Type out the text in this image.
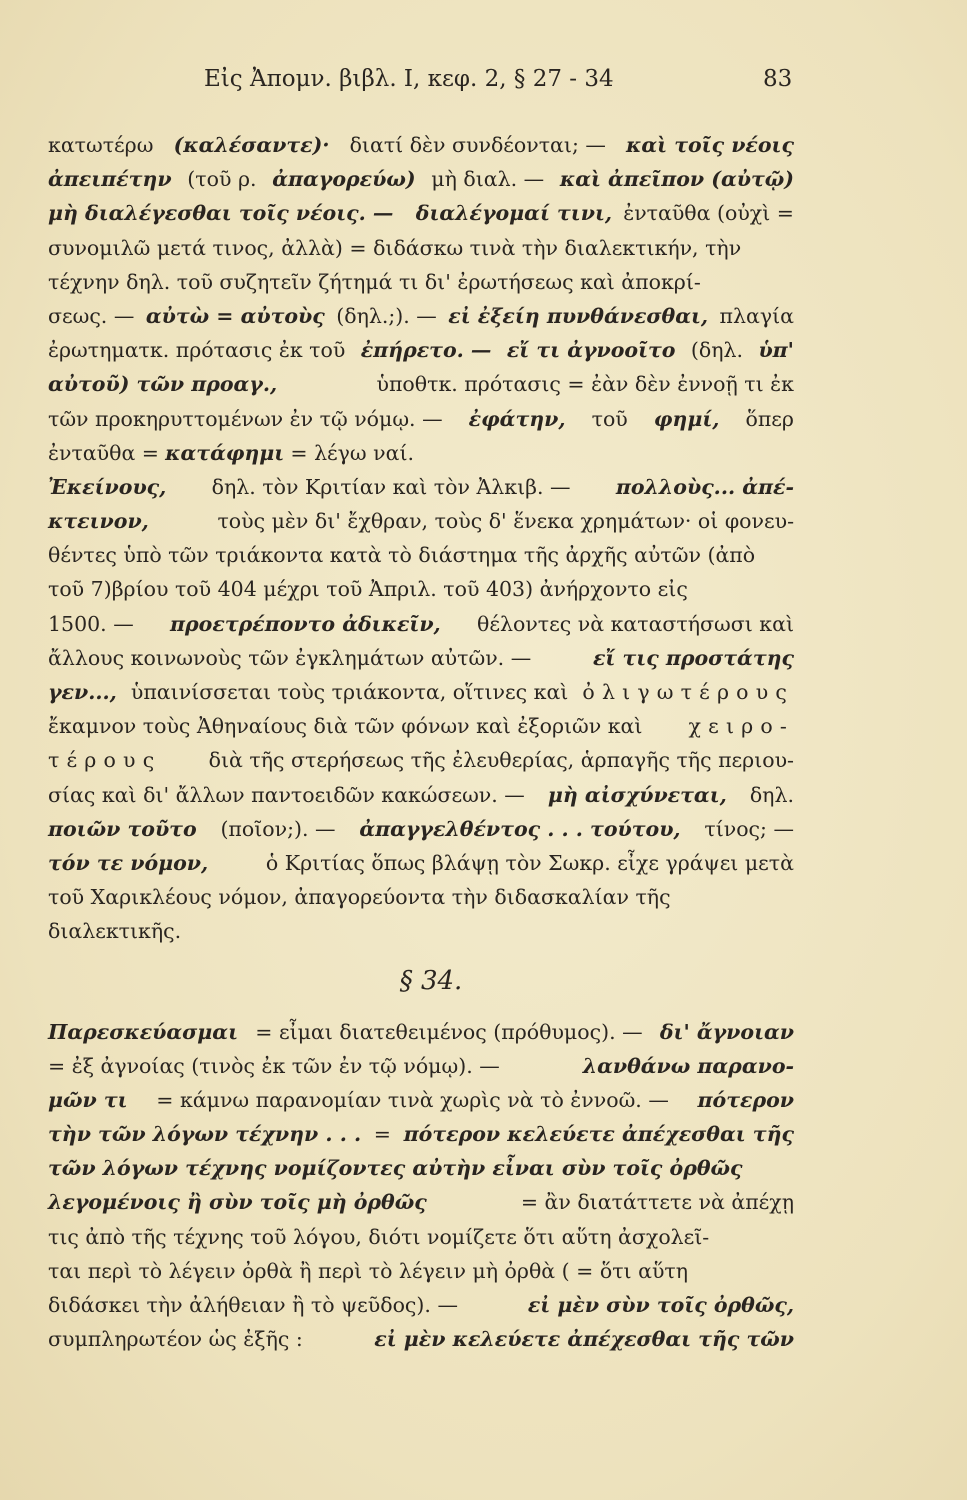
Εἰς Ἀπομν. βιβλ. I, κεφ. 2, § 27 - 34	83
κατωτέρω (καλέσαντε)· διατί δὲν συνδέονται; — καὶ τοῖς νέοις
ἀπειπέτην (τοῦ ρ. ἀπαγορεύω) μὴ διαλ. — καὶ ἀπεῖπον (αὐτῷ)
μὴ διαλέγεσθαι τοῖς νέοις. — διαλέγομαί τινι, ἐνταῦθα (οὐχὶ =
συνομιλῶ μετά τινος, ἀλλὰ) = διδάσκω τινὰ τὴν διαλεκτικήν, τὴν
τέχνην δηλ. τοῦ συζητεῖν ζήτημά τι δι' ἐρωτήσεως καὶ ἀποκρί-
σεως. — αὐτὼ = αὐτοὺς (δηλ.;). — εἰ ἐξείη πυνθάνεσθαι, πλαγία
ἐρωτηματκ. πρότασις ἐκ τοῦ ἐπήρετο. — εἴ τι ἀγνοοῖτο (δηλ. ὑπ'
αὐτοῦ) τῶν προαγ.,	ὑποθτκ. πρότασις = ἐὰν δὲν ἐννοῇ τι ἐκ
τῶν προκηρυττομένων ἐν τῷ νόμῳ. — ἐφάτην, τοῦ φημί, ὅπερ
ἐνταῦθα = κατάφημι = λέγω ναί.
Ἐκείνους, δηλ. τὸν Κριτίαν καὶ τὸν Ἀλκιβ. — πολλοὺς... ἀπέ-
κτεινον,	τοὺς μὲν δι' ἔχθραν, τοὺς δ' ἕνεκα χρημάτων· οἱ φονευ-
θέντες ὑπὸ τῶν τριάκοντα κατὰ τὸ διάστημα τῆς ἀρχῆς αὐτῶν (ἀπὸ
τοῦ 7)βρίου τοῦ 404 μέχρι τοῦ Ἀπριλ. τοῦ 403) ἀνήρχοντο εἰς
1500. — προετρέποντο ἀδικεῖν, θέλοντες νὰ καταστήσωσι καὶ
ἄλλους κοινωνοὺς τῶν ἐγκλημάτων αὐτῶν. —	εἴ τις προστάτης
γεν..., ὑπαινίσσεται τοὺς τριάκοντα, οἵτινες καὶ ὀλιγωτέρους
ἔκαμνον τοὺς Ἀθηναίους διὰ τῶν φόνων καὶ ἐξοριῶν καὶ χειρο-
τέρους διὰ τῆς στερήσεως τῆς ἐλευθερίας, ἁρπαγῆς τῆς περιου-
σίας καὶ δι' ἄλλων παντοειδῶν κακώσεων. — μὴ αἰσχύνεται, δηλ.
ποιῶν τοῦτο (ποῖον;). — ἀπαγγελθέντος . . . τούτου, τίνος; —
τόν τε νόμον,	ὁ Κριτίας ὅπως βλάψῃ τὸν Σωκρ. εἶχε γράψει μετὰ
τοῦ Χαρικλέους νόμον, ἀπαγορεύοντα τὴν διδασκαλίαν τῆς
διαλεκτικῆς.
§ 34.
Παρεσκεύασμαι = εἶμαι διατεθειμένος (πρόθυμος). — δι' ἄγνοιαν
= ἐξ ἀγνοίας (τινὸς ἐκ τῶν ἐν τῷ νόμῳ). —	λανθάνω παρανο-
μῶν τι = κάμνω παρανομίαν τινὰ χωρὶς νὰ τὸ ἐννοῶ. — πότερον
τὴν τῶν λόγων τέχνην . . . = πότερον κελεύετε ἀπέχεσθαι τῆς
τῶν λόγων τέχνης νομίζοντες αὐτὴν εἶναι σὺν τοῖς ὀρθῶς
λεγομένοις ἢ σὺν τοῖς μὴ ὀρθῶς	= ἂν διατάττετε νὰ ἀπέχῃ
τις ἀπὸ τῆς τέχνης τοῦ λόγου, διότι νομίζετε ὅτι αὕτη ἀσχολεῖ-
ται περὶ τὸ λέγειν ὀρθὰ ἢ περὶ τὸ λέγειν μὴ ὀρθὰ ( = ὅτι αὕτη
διδάσκει τὴν ἀλήθειαν ἢ τὸ ψεῦδος). —	εἰ μὲν σὺν τοῖς ὀρθῶς,
συμπληρωτέον ὡς ἑξῆς :	εἰ μὲν κελεύετε ἀπέχεσθαι τῆς τῶν
